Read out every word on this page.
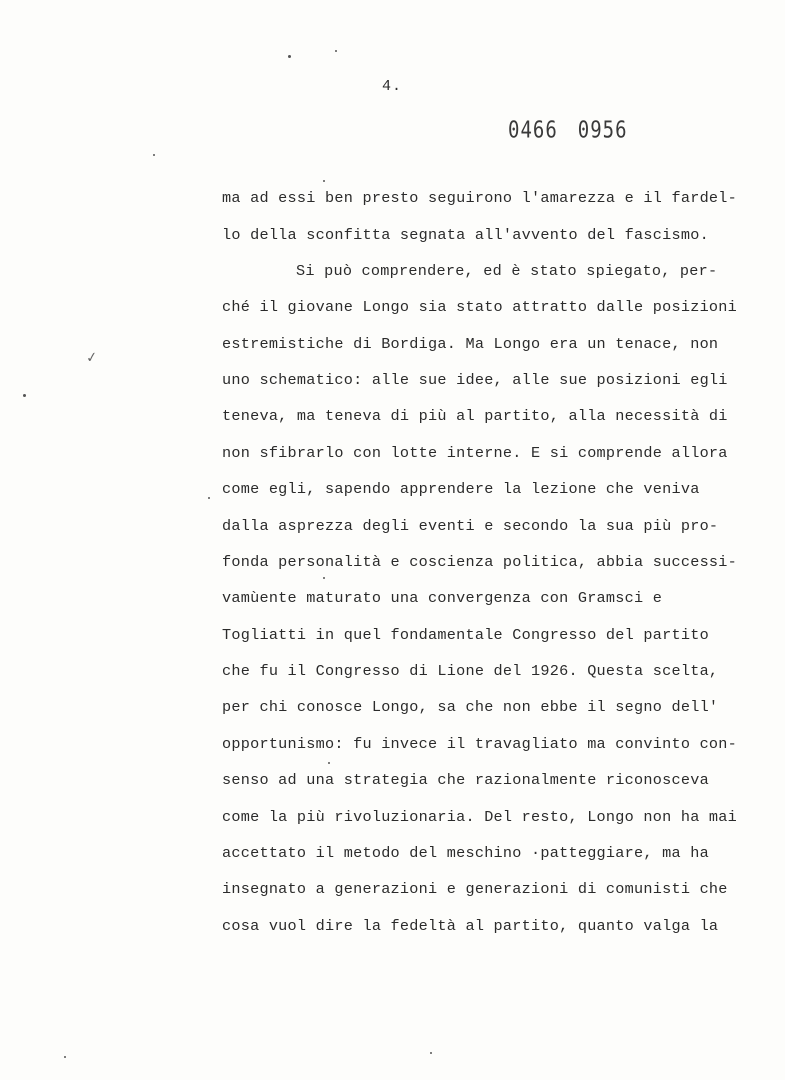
4.
0466 0956
✓
ma ad essi ben presto seguirono l'amarezza e il fardel-
lo della sconfitta segnata all'avvento del fascismo.
Si può comprendere, ed è stato spiegato, per-
ché il giovane Longo sia stato attratto dalle posizioni
estremistiche di Bordiga. Ma Longo era un tenace, non
uno schematico: alle sue idee, alle sue posizioni egli
teneva, ma teneva di più al partito, alla necessità di
non sfibrarlo con lotte interne. E si comprende allora
come egli, sapendo apprendere la lezione che veniva
dalla asprezza degli eventi e secondo la sua più pro-
fonda personalità e coscienza politica, abbia successi-
vamùente maturato una convergenza con Gramsci e
Togliatti in quel fondamentale Congresso del partito
che fu il Congresso di Lione del 1926. Questa scelta,
per chi conosce Longo, sa che non ebbe il segno dell'
opportunismo: fu invece il travagliato ma convinto con-
senso ad una strategia che razionalmente riconosceva
come la più rivoluzionaria. Del resto, Longo non ha mai
accettato il metodo del meschino ·patteggiare, ma ha
insegnato a generazioni e generazioni di comunisti che
cosa vuol dire la fedeltà al partito, quanto valga la
